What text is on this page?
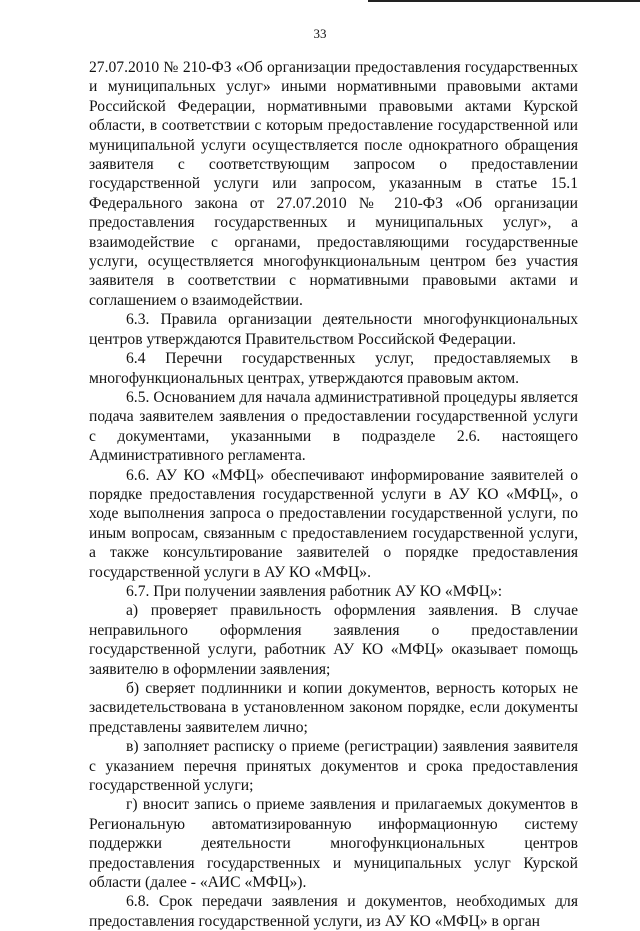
33

27.07.2010 № 210-ФЗ «Об организации предоставления государственных и муниципальных услуг» иными нормативными правовыми актами Российской Федерации, нормативными правовыми актами Курской области, в соответствии с которым предоставление государственной или муниципальной услуги осуществляется после однократного обращения заявителя с соответствующим запросом о предоставлении государственной услуги или запросом, указанным в статье 15.1 Федерального закона от 27.07.2010 № 210-ФЗ «Об организации предоставления государственных и муниципальных услуг», а взаимодействие с органами, предоставляющими государственные услуги, осуществляется многофункциональным центром без участия заявителя в соответствии с нормативными правовыми актами и соглашением о взаимодействии.

6.3. Правила организации деятельности многофункциональных центров утверждаются Правительством Российской Федерации.

6.4 Перечни государственных услуг, предоставляемых в многофункциональных центрах, утверждаются правовым актом.

6.5. Основанием для начала административной процедуры является подача заявителем заявления о предоставлении государственной услуги с документами, указанными в подразделе 2.6. настоящего Административного регламента.

6.6. АУ КО «МФЦ» обеспечивают информирование заявителей о порядке предоставления государственной услуги в АУ КО «МФЦ», о ходе выполнения запроса о предоставлении государственной услуги, по иным вопросам, связанным с предоставлением государственной услуги, а также консультирование заявителей о порядке предоставления государственной услуги в АУ КО «МФЦ».

6.7. При получении заявления работник АУ КО «МФЦ»:

а) проверяет правильность оформления заявления. В случае неправильного оформления заявления о предоставлении государственной услуги, работник АУ КО «МФЦ» оказывает помощь заявителю в оформлении заявления;

б) сверяет подлинники и копии документов, верность которых не засвидетельствована в установленном законом порядке, если документы представлены заявителем лично;

в) заполняет расписку о приеме (регистрации) заявления заявителя с указанием перечня принятых документов и срока предоставления государственной услуги;

г) вносит запись о приеме заявления и прилагаемых документов в Региональную автоматизированную информационную систему поддержки деятельности многофункциональных центров предоставления государственных и муниципальных услуг Курской области (далее - «АИС «МФЦ»).

6.8. Срок передачи заявления и документов, необходимых для предоставления государственной услуги, из АУ КО «МФЦ» в орган
